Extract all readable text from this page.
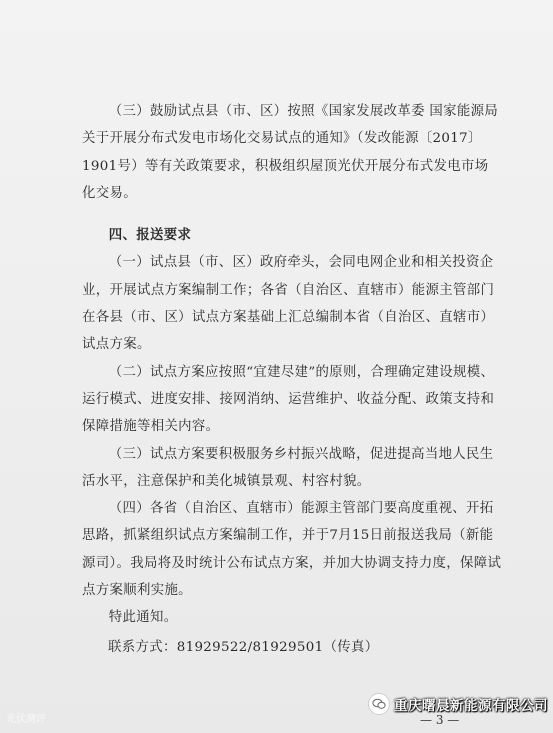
（三）鼓励试点县（市、区）按照《国家发展改革委 国家能源局关于开展分布式发电市场化交易试点的通知》（发改能源〔2017〕1901号）等有关政策要求，积极组织屋顶光伏开展分布式发电市场化交易。

四、报送要求

（一）试点县（市、区）政府牵头，会同电网企业和相关投资企业，开展试点方案编制工作；各省（自治区、直辖市）能源主管部门在各县（市、区）试点方案基础上汇总编制本省（自治区、直辖市）试点方案。

（二）试点方案应按照“宜建尽建”的原则，合理确定建设规模、运行模式、进度安排、接网消纳、运营维护、收益分配、政策支持和保障措施等相关内容。

（三）试点方案要积极服务乡村振兴战略，促进提高当地人民生活水平，注意保护和美化城镇景观、村容村貌。

（四）各省（自治区、直辖市）能源主管部门要高度重视、开拓思路，抓紧组织试点方案编制工作，并于7月15日前报送我局（新能源司）。我局将及时统计公布试点方案，并加大协调支持力度，保障试点方案顺利实施。

特此通知。

联系方式：81929522/81929501（传真）
光伏测评
重庆曙晨新能源有限公司
— 3 —
